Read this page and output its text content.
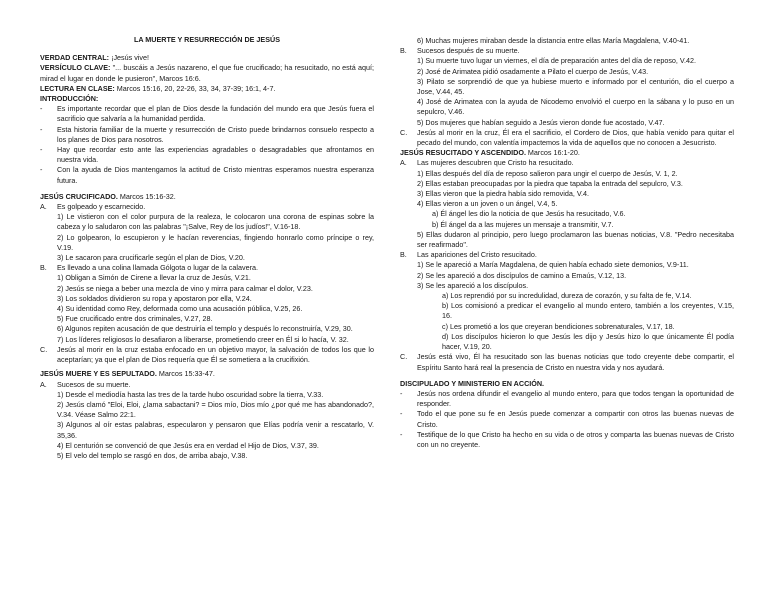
LA MUERTE Y RESURRECCIÓN DE JESÚS

VERDAD CENTRAL: ¡Jesús vive!

VERSÍCULO CLAVE: "... buscáis a Jesús nazareno, el que fue crucificado; ha resucitado, no está aquí; mirad el lugar en donde le pusieron", Marcos 16:6.

LECTURA EN CLASE: Marcos 15:16, 20, 22-26, 33, 34, 37-39; 16:1, 4-7.

INTRODUCCIÓN:

-	Es importante recordar que el plan de Dios desde la fundación del mundo era que Jesús fuera el sacrificio que salvaría a la humanidad perdida.
-	Esta historia familiar de la muerte y resurrección de Cristo puede brindarnos consuelo respecto a los planes de Dios para nosotros.
-	Hay que recordar esto ante las experiencias agradables o desagradables que afrontamos en nuestra vida.
-	Con la ayuda de Dios mantengamos la actitud de Cristo mientras esperamos nuestra esperanza futura.

JESÚS CRUCIFICADO. Marcos 15:16-32.

A.	Es golpeado y escarnecido.

1) Le vistieron con el color purpura de la realeza, le colocaron una corona de espinas sobre la cabeza y lo saludaron con las palabras "¡Salve, Rey de los judíos!", V.16-18.

2) Lo golpearon, lo escupieron y le hacían reverencias, fingiendo honrarlo como príncipe o rey, V.19.

3) Le sacaron para crucificarle según el plan de Dios, V.20.

B.	Es llevado a una colina llamada Gólgota o lugar de la calavera.

1) Obligan a Simón de Cirene a llevar la cruz de Jesús, V.21.

2) Jesús se niega a beber una mezcla de vino y mirra para calmar el dolor, V.23.

3) Los soldados dividieron su ropa y apostaron por ella, V.24.

4) Su identidad como Rey, deformada como una acusación pública, V.25, 26.

5) Fue crucificado entre dos criminales, V.27, 28.

6) Algunos repiten acusación de que destruiría el templo y después lo reconstruiría, V.29, 30.

7) Los líderes religiosos lo desafiaron a liberarse, prometiendo creer en Él si lo hacía, V. 32.

C.	Jesús al morir en la cruz estaba enfocado en un objetivo mayor, la salvación de todos los que lo aceptarían; ya que el plan de Dios requería que Él se sometiera a la crucifixión.

JESÚS MUERE Y ES SEPULTADO. Marcos 15:33-47.

A.	Sucesos de su muerte.

1) Desde el mediodía hasta las tres de la tarde hubo oscuridad sobre la tierra, V.33.

2) Jesús clamó "Eloi, Eloi, ¿lama sabactani? = Dios mío, Dios mío ¿por qué me has abandonado?, V.34. Véase Salmo 22:1.

3) Algunos al oír estas palabras, especularon y pensaron que Elías podría venir a rescatarlo, V. 35,36.

4) El centurión se convenció de que Jesús era en verdad el Hijo de Dios, V.37, 39.

5) El velo del templo se rasgó en dos, de arriba abajo, V.38.

6) Muchas mujeres miraban desde la distancia entre ellas María Magdalena, V.40-41.

B.	Sucesos después de su muerte.

1) Su muerte tuvo lugar un viernes, el día de preparación antes del día de reposo, V.42.

2) José de Arimatea pidió osadamente a Pilato el cuerpo de Jesús, V.43.

3) Pilato se sorprendió de que ya hubiese muerto e informado por el centurión, dio el cuerpo a Jose, V.44, 45.

4) José de Arimatea con la ayuda de Nicodemo envolvió el cuerpo en la sábana y lo puso en un sepulcro, V.46.

5) Dos mujeres que habían seguido a Jesús vieron donde fue acostado, V.47.

C.	Jesús al morir en la cruz, Él era el sacrificio, el Cordero de Dios, que había venido para quitar el pecado del mundo, con valentía impactemos la vida de aquellos que no conocen a Jesucristo.

JESÚS RESUCITADO Y ASCENDIDO. Marcos 16:1-20.

A.	Las mujeres descubren que Cristo ha resucitado.

1) Ellas después del día de reposo salieron para ungir el cuerpo de Jesús, V. 1, 2.

2) Ellas estaban preocupadas por la piedra que tapaba la entrada del sepulcro, V.3.

3) Ellas vieron que la piedra había sido removida, V.4.

4) Ellas vieron a un joven o un ángel, V.4, 5.

a) Él ángel les dio la noticia de que Jesús ha resucitado, V.6.

b) Él ángel da a las mujeres un mensaje a transmitir, V.7.

5) Ellas dudaron al principio, pero luego proclamaron las buenas noticias, V.8. "Pedro necesitaba ser reafirmado".

B.	Las apariciones del Cristo resucitado.

1) Se le apareció a María Magdalena, de quien había echado siete demonios, V.9-11.

2) Se les apareció a dos discípulos de camino a Emaús, V.12, 13.

3) Se les apareció a los discípulos.

a) Los reprendió por su incredulidad, dureza de corazón, y su falta de fe, V.14.

b) Los comisionó a predicar el evangelio al mundo entero, también a los creyentes, V.15, 16.

c) Les prometió a los que creyeran bendiciones sobrenaturales, V.17, 18.

d) Los discípulos hicieron lo que Jesús les dijo y Jesús hizo lo que únicamente Él podía hacer, V.19, 20.

C.	Jesús está vivo, Él ha resucitado son las buenas noticias que todo creyente debe compartir, el Espíritu Santo hará real la presencia de Cristo en nuestra vida y nos ayudará.

DISCIPULADO Y MINISTERIO EN ACCIÓN.

-	Jesús nos ordena difundir el evangelio al mundo entero, para que todos tengan la oportunidad de responder.
-	Todo el que pone su fe en Jesús puede comenzar a compartir con otros las buenas nuevas de Cristo.
-	Testifique de lo que Cristo ha hecho en su vida o de otros y comparta las buenas nuevas de Cristo con un no creyente.
